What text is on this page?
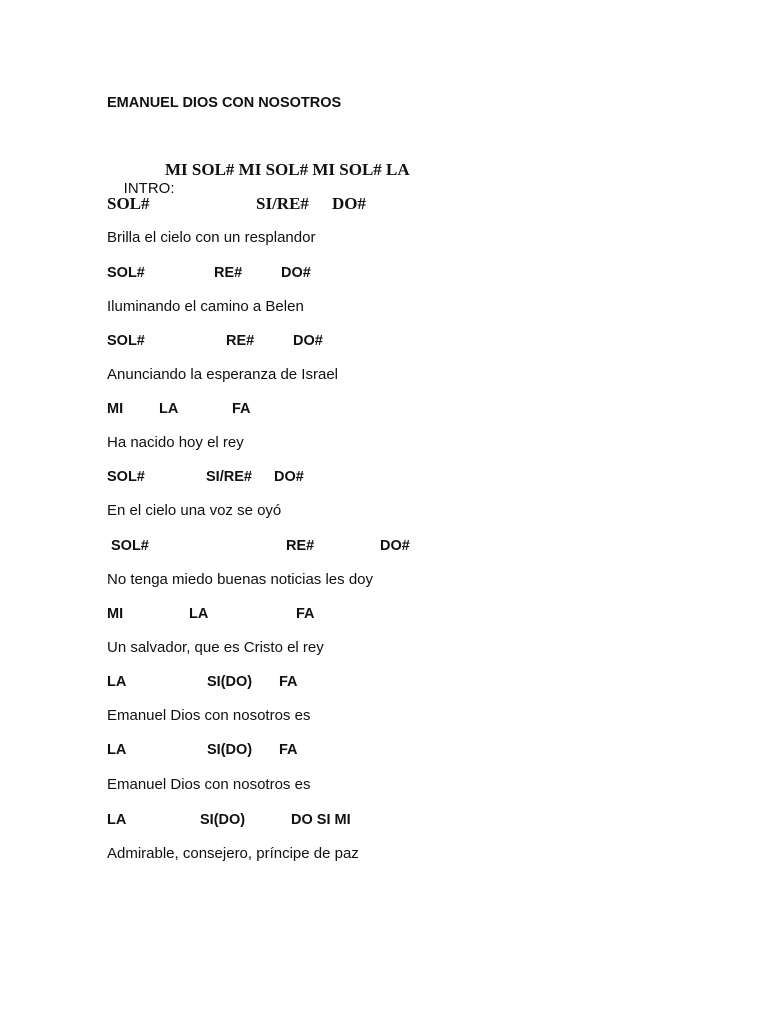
EMANUEL DIOS CON NOSOTROS

INTRO:

MI SOL# MI SOL# MI SOL# LA
SOL#	SI/RE# DO#
Brilla el cielo con un resplandor
SOL#	RE#	DO#
Iluminando el camino a Belen
SOL#	RE#	DO#
Anunciando la esperanza de Israel
MI LA	FA
Ha nacido hoy el rey
SOL#	SI/RE# DO#
En el cielo una voz se oyó
SOL#	RE#	DO#
No tenga miedo buenas noticias les doy
MI	LA	FA
Un salvador, que es Cristo el rey
LA	SI(DO) FA
Emanuel Dios con nosotros es
LA	SI(DO) FA
Emanuel Dios con nosotros es
LA	SI(DO)	DO SI MI
Admirable, consejero, príncipe de paz
